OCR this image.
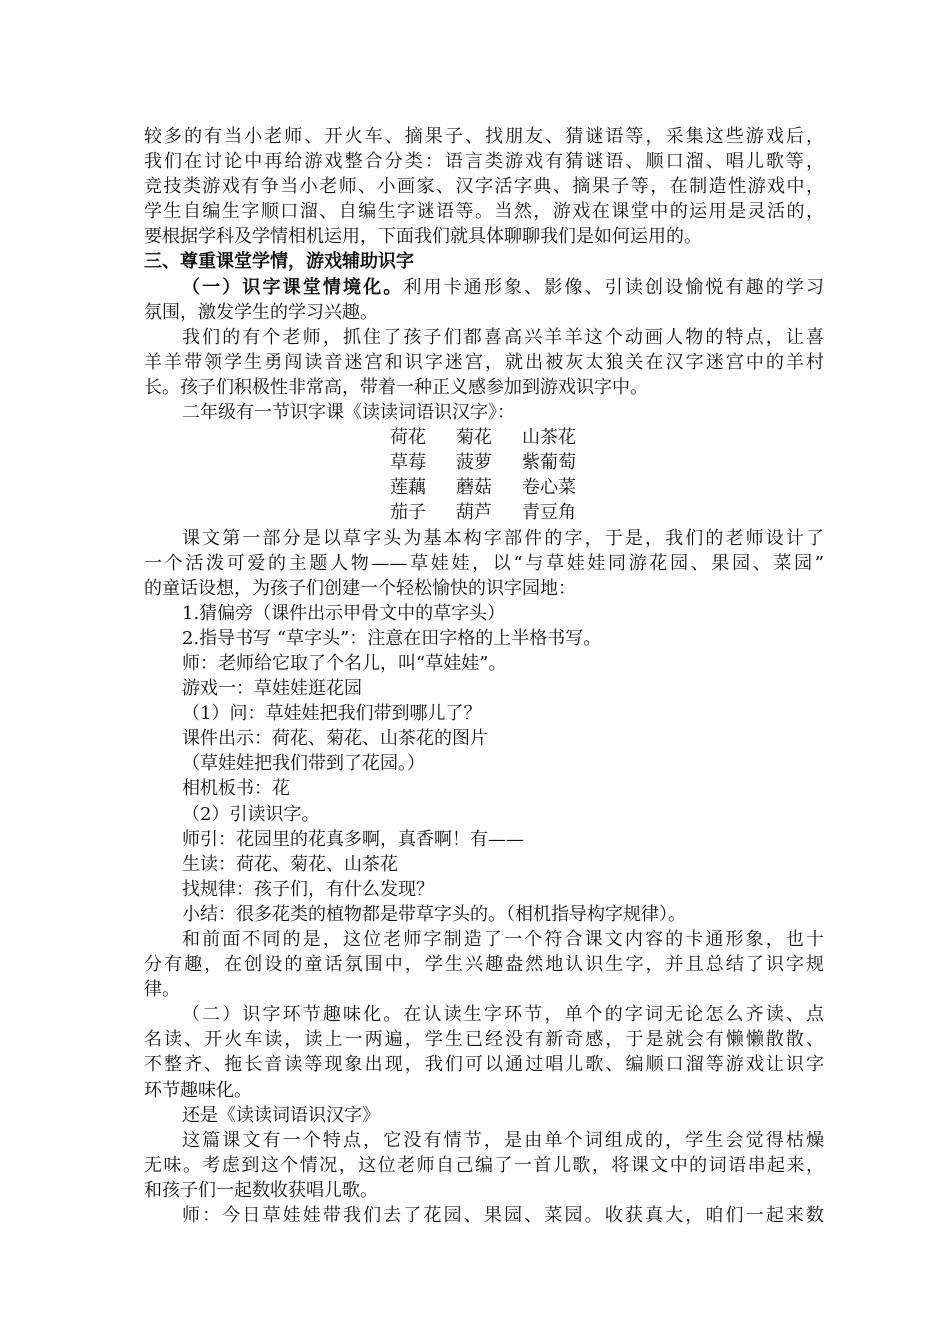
较多的有当小老师、开火车、摘果子、找朋友、猜谜语等，采集这些游戏后，
我们在讨论中再给游戏整合分类：语言类游戏有猜谜语、顺口溜、唱儿歌等，
竞技类游戏有争当小老师、小画家、汉字活字典、摘果子等，在制造性游戏中，
学生自编生字顺口溜、自编生字谜语等。当然，游戏在课堂中的运用是灵活的，
要根据学科及学情相机运用，下面我们就具体聊聊我们是如何运用的。
三、尊重课堂学情，游戏辅助识字
（一）识字课堂情境化。利用卡通形象、影像、引读创设愉悦有趣的学习
氛围，激发学生的学习兴趣。
我们的有个老师，抓住了孩子们都喜高兴羊羊这个动画人物的特点，让喜
羊羊带领学生勇闯读音迷宫和识字迷宫，就出被灰太狼关在汉字迷宫中的羊村
长。孩子们积极性非常高，带着一种正义感参加到游戏识字中。
二年级有一节识字课《读读词语识汉字》：
荷花 菊花 山茶花
草莓 菠萝 紫葡萄
莲藕 蘑菇 卷心菜
茄子 葫芦 青豆角
课文第一部分是以草字头为基本构字部件的字，于是，我们的老师设计了
一个活泼可爱的主题人物——草娃娃，以“与草娃娃同游花园、果园、菜园”
的童话设想，为孩子们创建一个轻松愉快的识字园地：
1.猜偏旁（课件出示甲骨文中的草字头）
2.指导书写 “草字头”：注意在田字格的上半格书写。
师：老师给它取了个名儿，叫“草娃娃”。
游戏一：草娃娃逛花园
（1）问：草娃娃把我们带到哪儿了？
课件出示：荷花、菊花、山茶花的图片
（草娃娃把我们带到了花园。）
相机板书：花
（2）引读识字。
师引：花园里的花真多啊，真香啊！有——
生读：荷花、菊花、山茶花
找规律：孩子们，有什么发现？
小结：很多花类的植物都是带草字头的。（相机指导构字规律）。
和前面不同的是，这位老师字制造了一个符合课文内容的卡通形象，也十
分有趣，在创设的童话氛围中，学生兴趣盎然地认识生字，并且总结了识字规
律。
（二）识字环节趣味化。在认读生字环节，单个的字词无论怎么齐读、点
名读、开火车读，读上一两遍，学生已经没有新奇感，于是就会有懒懒散散、
不整齐、拖长音读等现象出现，我们可以通过唱儿歌、编顺口溜等游戏让识字
环节趣味化。
还是《读读词语识汉字》
这篇课文有一个特点，它没有情节，是由单个词组成的，学生会觉得枯燥
无味。考虑到这个情况，这位老师自己编了一首儿歌，将课文中的词语串起来，
和孩子们一起数收获唱儿歌。
师：今日草娃娃带我们去了花园、果园、菜园。收获真大，咱们一起来数
